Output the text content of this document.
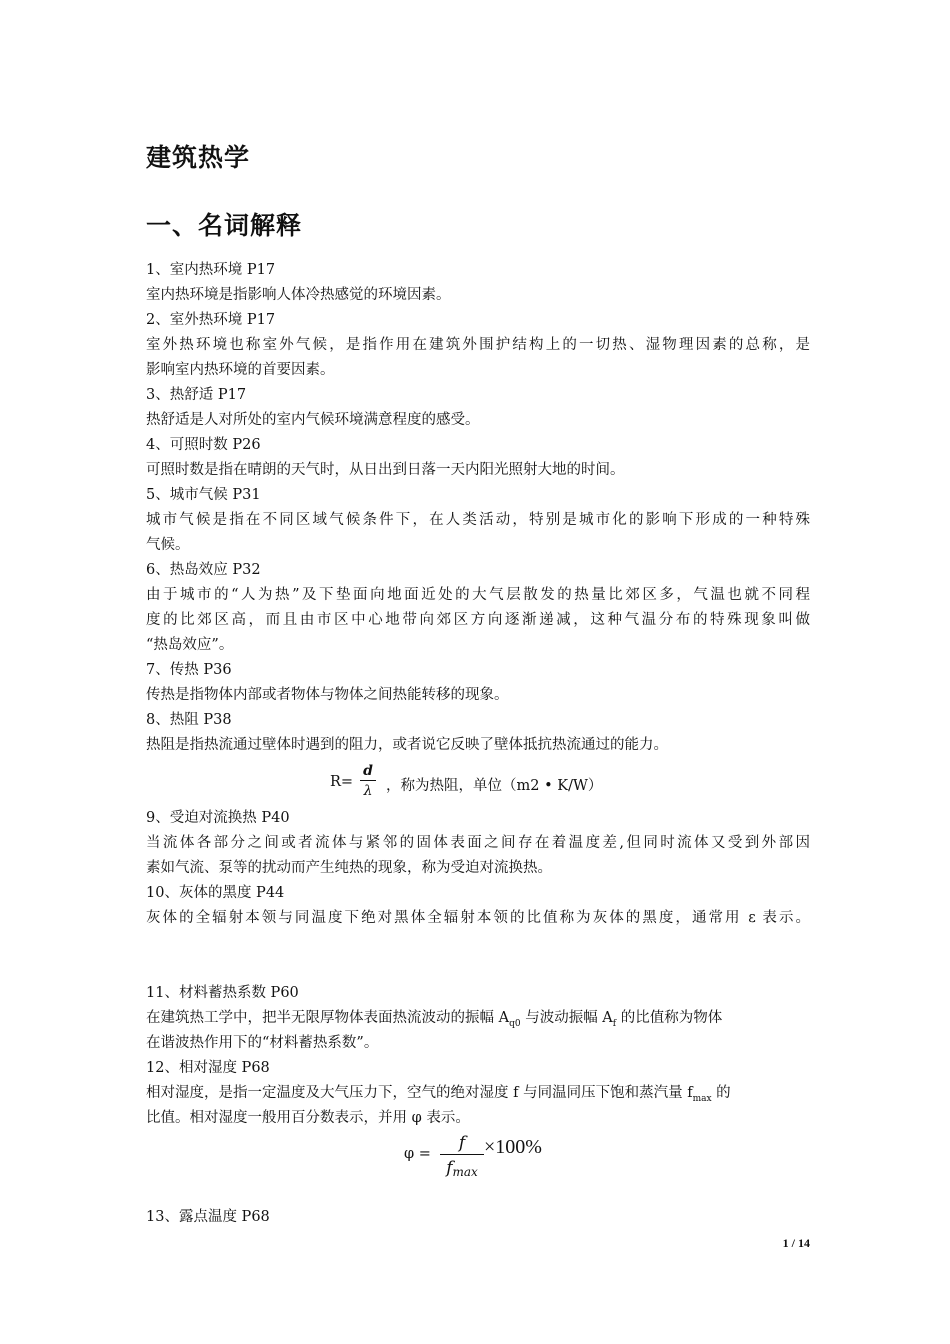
建筑热学
一、名词解释
1、室内热环境 P17
室内热环境是指影响人体冷热感觉的环境因素。
2、室外热环境 P17
室外热环境也称室外气候，是指作用在建筑外围护结构上的一切热、湿物理因素的总称，是
影响室内热环境的首要因素。
3、热舒适 P17
热舒适是人对所处的室内气候环境满意程度的感受。
4、可照时数 P26
可照时数是指在晴朗的天气时，从日出到日落一天内阳光照射大地的时间。
5、城市气候 P31
城市气候是指在不同区域气候条件下，在人类活动，特别是城市化的影响下形成的一种特殊
气候。
6、热岛效应 P32
由于城市的“人为热”及下垫面向地面近处的大气层散发的热量比郊区多，气温也就不同程
度的比郊区高，而且由市区中心地带向郊区方向逐渐递减，这种气温分布的特殊现象叫做
“热岛效应”。
7、传热 P36
传热是指物体内部或者物体与物体之间热能转移的现象。
8、热阻 P38
热阻是指热流通过壁体时遇到的阻力，或者说它反映了壁体抵抗热流通过的能力。
R=
d
λ ，称为热阻，单位（m2 • K/W）
9、受迫对流换热 P40
当流体各部分之间或者流体与紧邻的固体表面之间存在着温度差,但同时流体又受到外部因
素如气流、泵等的扰动而产生纯热的现象，称为受迫对流换热。
10、灰体的黑度 P44
灰体的全辐射本领与同温度下绝对黑体全辐射本领的比值称为灰体的黑度，通常用 ε 表示。
11、材料蓄热系数 P60
在建筑热工学中，把半无限厚物体表面热流波动的振幅 $A_{q0}$ 与波动振幅 $A_f$ 的比值称为物体
在谐波热作用下的“材料蓄热系数”。
12、相对湿度 P68
相对湿度，是指一定温度及大气压力下，空气的绝对湿度 f 与同温同压下饱和蒸汽量 $f_{max}$ 的
比值。相对湿度一般用百分数表示，并用 φ 表示。
φ =
f
fmax
×100%
13、露点温度 P68
1 / 14
